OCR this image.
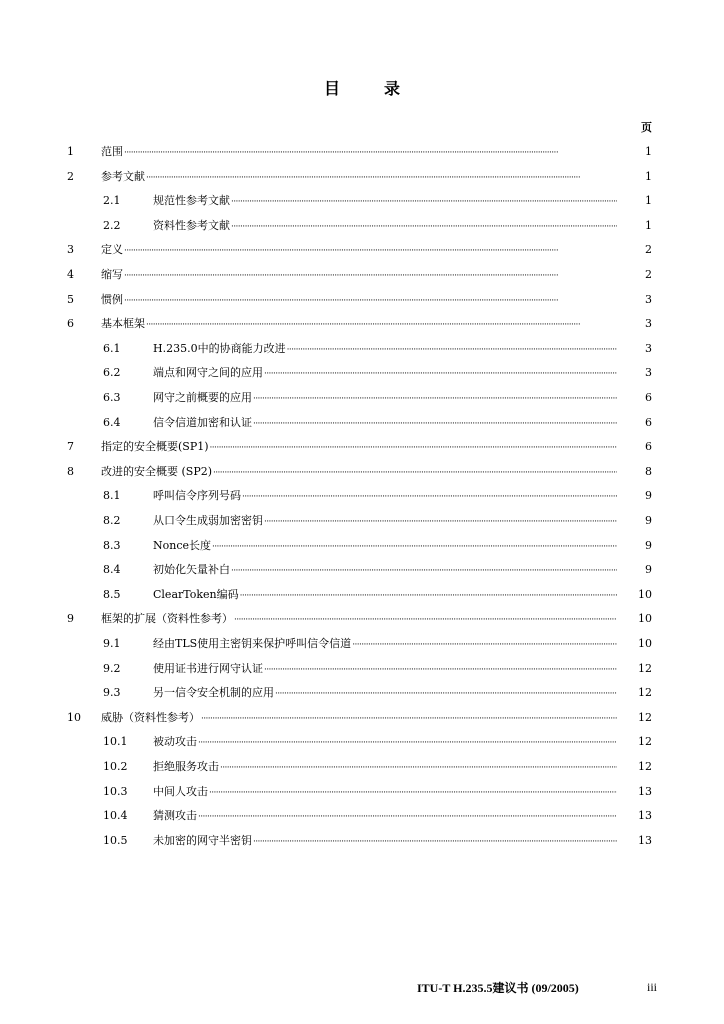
目　录
页
1 范围 ·····	1
2 参考文献 ·····	1
2.1	规范性参考文献 ·····	1
2.2	资料性参考文献 ·····	1
3 定义 ·····	2
4 缩写 ·····	2
5 惯例 ·····	3
6 基本框架 ·····	3
6.1	H.235.0中的协商能力改进 ·····	3
6.2	端点和网守之间的应用 ·····	3
6.3	网守之前概要的应用 ·····	6
6.4	信令信道加密和认证 ·····	6
7 指定的安全概要(SP1) ·····	6
8 改进的安全概要 (SP2) ·····	8
8.1	呼叫信令序列号码 ·····	9
8.2	从口令生成弱加密密钥 ·····	9
8.3	Nonce长度 ·····	9
8.4	初始化矢量补白 ·····	9
8.5	ClearToken编码 ·····	10
9 框架的扩展（资料性参考） ·····	10
9.1	经由TLS使用主密钥来保护呼叫信令信道 ·····	10
9.2	使用证书进行网守认证 ·····	12
9.3	另一信令安全机制的应用 ·····	12
10 威胁（资料性参考） ·····	12
10.1 被动攻击 ·····	12
10.2 拒绝服务攻击 ·····	12
10.3 中间人攻击 ·····	13
10.4 猜测攻击 ·····	13
10.5 未加密的网守半密钥 ·····	13
ITU-T H.235.5建议书 (09/2005)	iii
